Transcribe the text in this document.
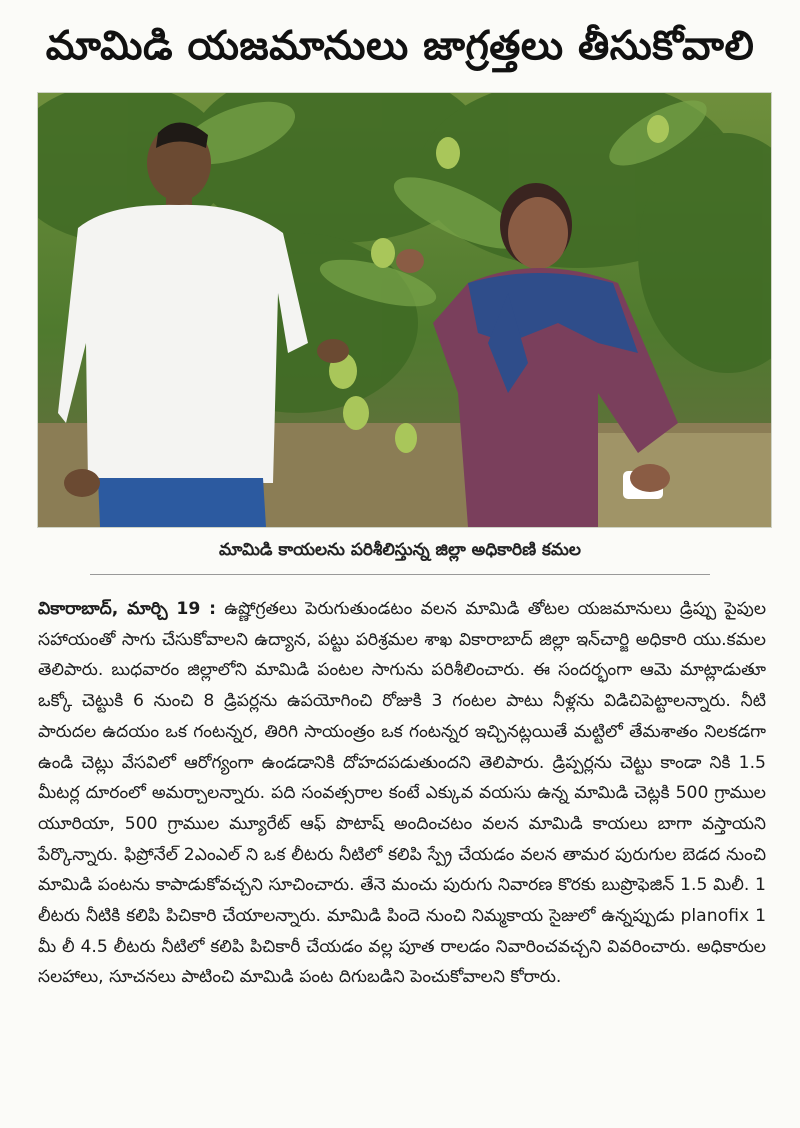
మామిడి యజమానులు జాగ్రత్తలు తీసుకోవాలి
మామిడి కాయలను పరిశీలిస్తున్న జిల్లా అధికారిణి కమల
వికారాబాద్, మార్చి 19 : ఉష్ణోగ్రతలు పెరుగుతుండటం వలన మామిడి తోటల యజమానులు డ్రిప్పు పైపుల సహాయంతో సాగు చేసుకోవాలని ఉద్యాన, పట్టు పరిశ్రమల శాఖ వికారాబాద్ జిల్లా ఇన్‌చార్జి అధికారి యు.కమల తెలిపారు. బుధవారం జిల్లాలోని మామిడి పంటల సాగును పరిశీలించారు. ఈ సందర్భంగా ఆమె మాట్లాడుతూ ఒక్కో చెట్టుకి 6 నుంచి 8 డ్రిపర్లను ఉపయోగించి రోజుకి 3 గంటల పాటు నీళ్లను విడిచిపెట్టాలన్నారు. నీటి పారుదల ఉదయం ఒక గంటన్నర, తిరిగి సాయంత్రం ఒక గంటన్నర ఇచ్చినట్లయితే మట్టిలో తేమశాతం నిలకడగా ఉండి చెట్లు వేసవిలో ఆరోగ్యంగా ఉండడానికి దోహదపడుతుందని తెలిపారు. డ్రిప్పర్లను చెట్టు కాండా నికి 1.5 మీటర్ల దూరంలో అమర్చాలన్నారు. పది సంవత్సరాల కంటే ఎక్కువ వయసు ఉన్న మామిడి చెట్లకి 500 గ్రాముల యూరియా, 500 గ్రాముల మ్యూరేట్ ఆఫ్ పొటాష్ అందించటం వలన మామిడి కాయలు బాగా వస్తాయని పేర్కొన్నారు. ఫిప్రోనేల్ 2ఎంఎల్ ని ఒక లీటరు నీటిలో కలిపి స్ప్రే చేయడం వలన తామర పురుగుల బెడద నుంచి మామిడి పంటను కాపాడుకోవచ్చని సూచించారు. తేనె మంచు పురుగు నివారణ కొరకు బుప్రొఫెజిన్ 1.5 మిలీ. 1 లీటరు నీటికి కలిపి పిచికారి చేయాలన్నారు. మామిడి పిందె నుంచి నిమ్మకాయ సైజులో ఉన్నప్పుడు planofix 1 మీ లీ 4.5 లీటరు నీటిలో కలిపి పిచికారీ చేయడం వల్ల పూత రాలడం నివారించవచ్చని వివరించారు. అధికారుల సలహాలు, సూచనలు పాటించి మామిడి పంట దిగుబడిని పెంచుకోవాలని కోరారు.
